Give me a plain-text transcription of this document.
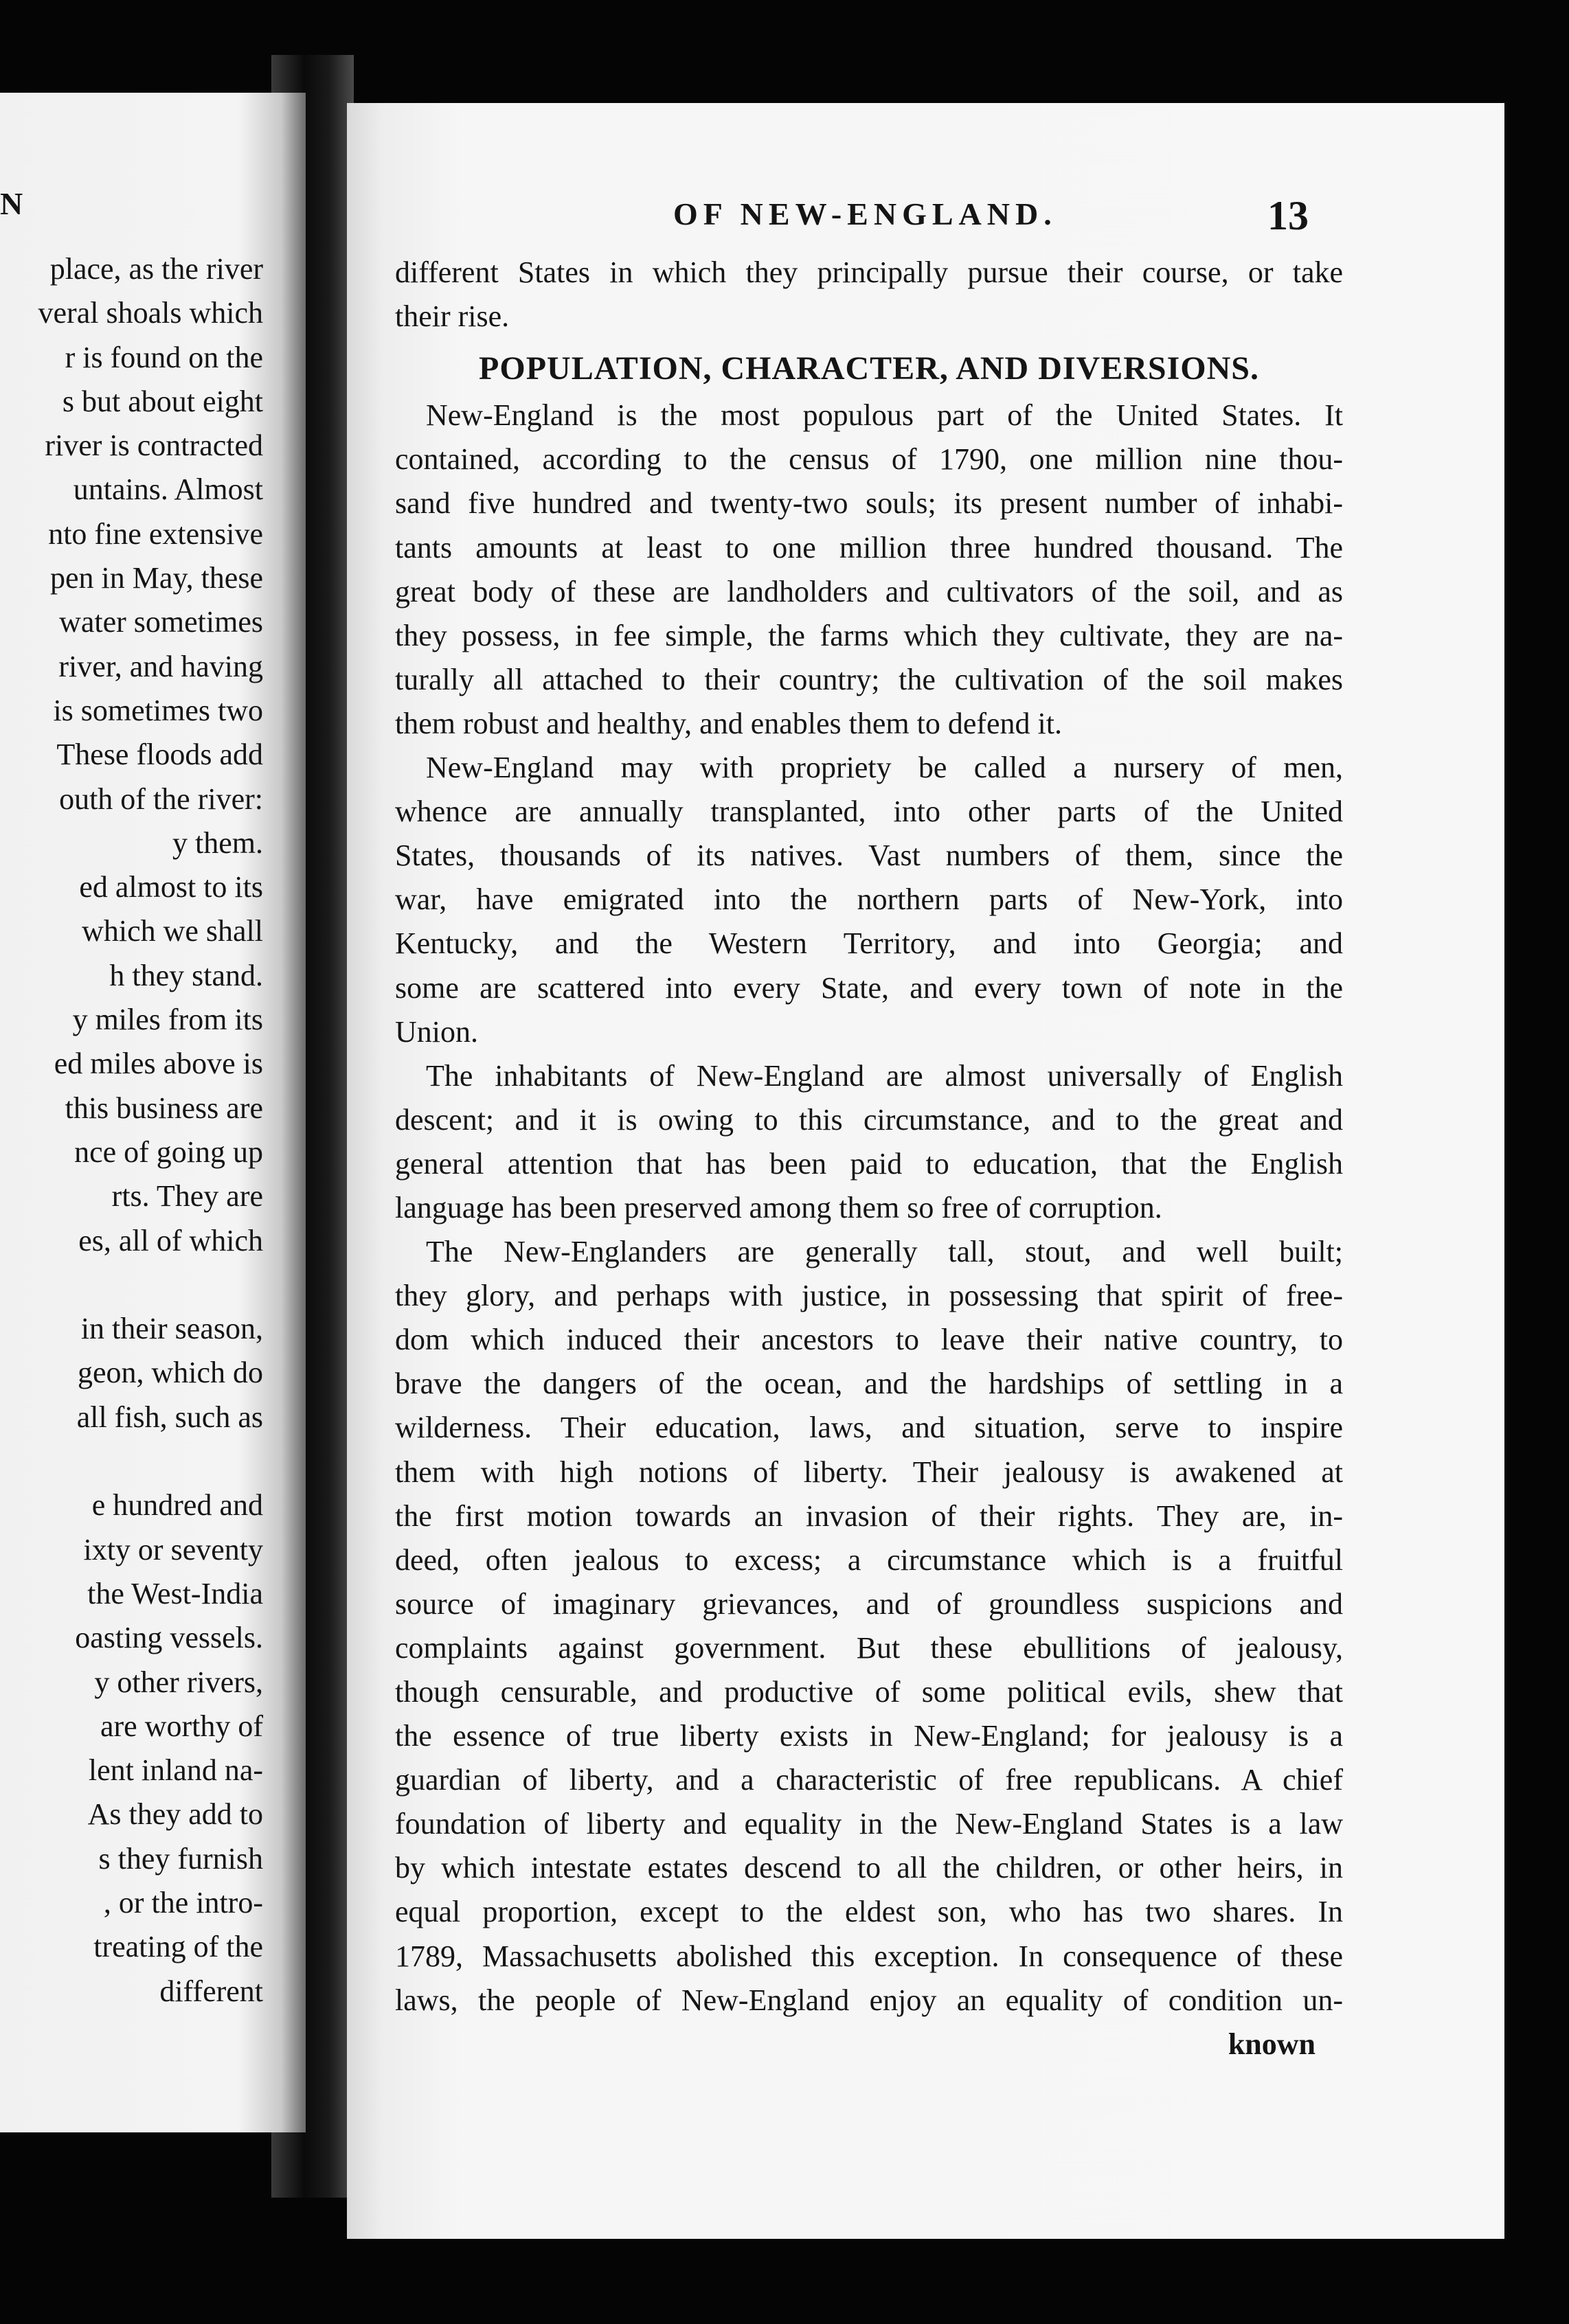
N
place, as the river
veral shoals which
r is found on the
s but about eight
river is contracted
untains. Almost
nto fine extensive
pen in May, these
water sometimes
river, and having
is sometimes two
These floods add
outh of the river:
y them.
ed almost to its
which we shall
h they stand.
y miles from its
ed miles above is
this business are
nce of going up
rts. They are
es, all of which
in their season,
geon, which do
all fish, such as
e hundred and
ixty or seventy
the West-India
oasting vessels.
y other rivers,
are worthy of
lent inland na-
As they add to
s they furnish
, or the intro-
treating of the
different
OF NEW-ENGLAND.	13
different States in which they principally pursue their course, or take
their rise.
POPULATION, CHARACTER, AND DIVERSIONS.
New-England is the most populous part of the United States. It
contained, according to the census of 1790, one million nine thou-
sand five hundred and twenty-two souls; its present number of inhabi-
tants amounts at least to one million three hundred thousand. The
great body of these are landholders and cultivators of the soil, and as
they possess, in fee simple, the farms which they cultivate, they are na-
turally all attached to their country; the cultivation of the soil makes
them robust and healthy, and enables them to defend it.
New-England may with propriety be called a nursery of men,
whence are annually transplanted, into other parts of the United
States, thousands of its natives. Vast numbers of them, since the
war, have emigrated into the northern parts of New-York, into
Kentucky, and the Western Territory, and into Georgia; and
some are scattered into every State, and every town of note in the
Union.
The inhabitants of New-England are almost universally of English
descent; and it is owing to this circumstance, and to the great and
general attention that has been paid to education, that the English
language has been preserved among them so free of corruption.
The New-Englanders are generally tall, stout, and well built;
they glory, and perhaps with justice, in possessing that spirit of free-
dom which induced their ancestors to leave their native country, to
brave the dangers of the ocean, and the hardships of settling in a
wilderness. Their education, laws, and situation, serve to inspire
them with high notions of liberty. Their jealousy is awakened at
the first motion towards an invasion of their rights. They are, in-
deed, often jealous to excess; a circumstance which is a fruitful
source of imaginary grievances, and of groundless suspicions and
complaints against government. But these ebullitions of jealousy,
though censurable, and productive of some political evils, shew that
the essence of true liberty exists in New-England; for jealousy is a
guardian of liberty, and a characteristic of free republicans. A chief
foundation of liberty and equality in the New-England States is a law
by which intestate estates descend to all the children, or other heirs, in
equal proportion, except to the eldest son, who has two shares. In
1789, Massachusetts abolished this exception. In consequence of these
laws, the people of New-England enjoy an equality of condition un-
known
